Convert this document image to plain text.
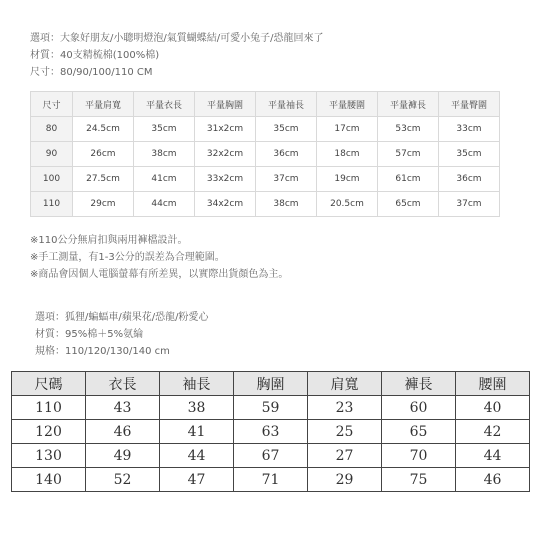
選項：大象好朋友/小聰明燈泡/氣質蝴蝶結/可愛小兔子/恐龍回來了
材質：40支精梳棉(100%棉)
尺寸：80/90/100/110 CM
尺寸	平量肩寬	平量衣長	平量胸圍	平量袖長	平量腰圍	平量褲長	平量臀圍
80	24.5cm	35cm	31x2cm	35cm	17cm	53cm	33cm
90	26cm	38cm	32x2cm	36cm	18cm	57cm	35cm
100	27.5cm	41cm	33x2cm	37cm	19cm	61cm	36cm
110	29cm	44cm	34x2cm	38cm	20.5cm	65cm	37cm
※110公分無肩扣與兩用褲檔設計。
※手工測量，有1-3公分的誤差為合理範圍。
※商品會因個人電腦螢幕有所差異，以實際出貨顏色為主。
選項：狐狸/蝙蝠車/蘋果花/恐龍/粉愛心
材質：95%棉＋5%氨綸
規格：110/120/130/140 cm
尺碼	衣長	袖長	胸圍	肩寬	褲長	腰圍
110	43	38	59	23	60	40
120	46	41	63	25	65	42
130	49	44	67	27	70	44
140	52	47	71	29	75	46
